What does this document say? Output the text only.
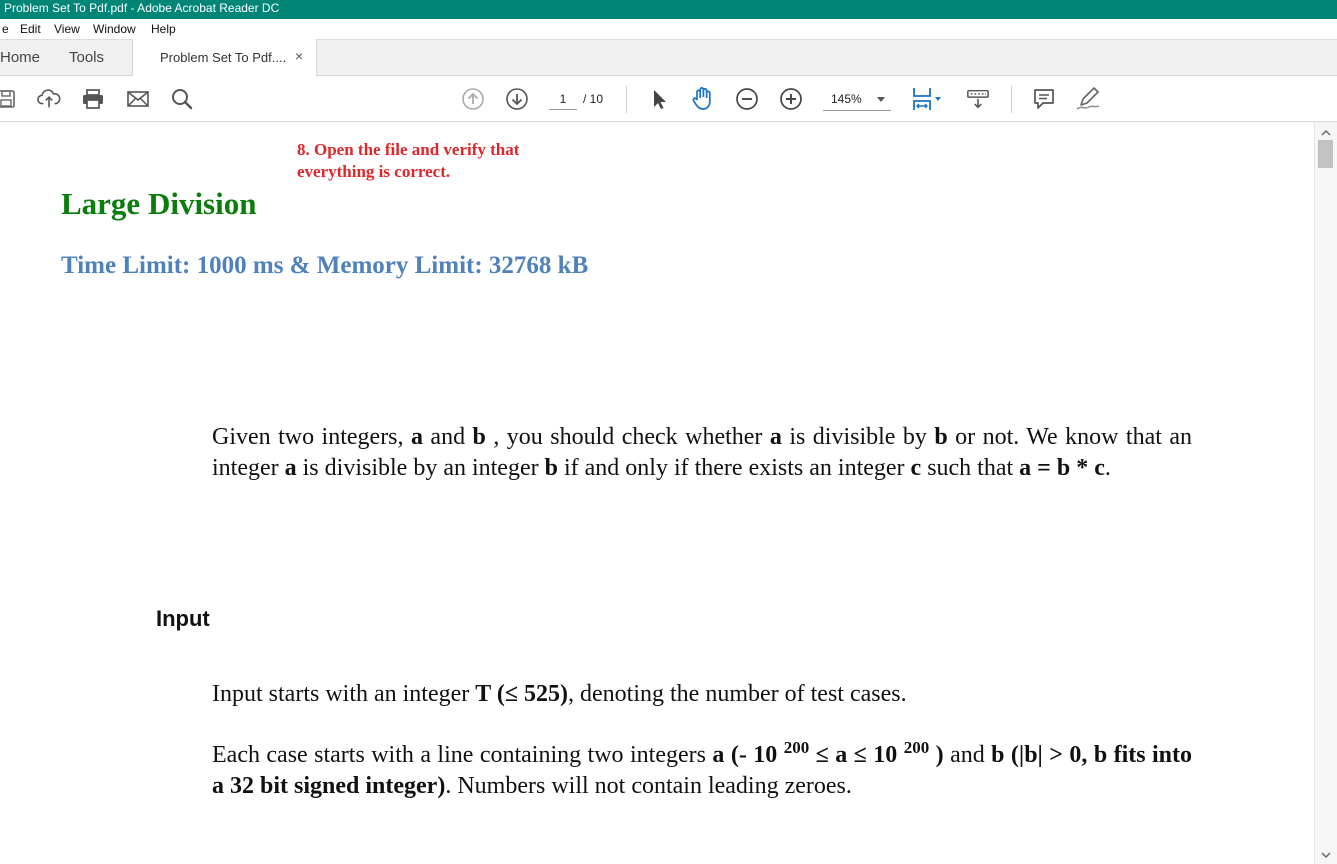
Problem Set To Pdf.pdf - Adobe Acrobat Reader DC
e Edit View Window Help
Home Tools	Problem Set To Pdf.... ×
1	/ 10	145%
8. Open the file and verify that everything is correct.
Large Division
Time Limit: 1000 ms & Memory Limit: 32768 kB
Given two integers, a and b , you should check whether a is divisible by b or not. We know that an integer a is divisible by an integer b if and only if there exists an integer c such that a = b * c.
Input
Input starts with an integer T (≤ 525), denoting the number of test cases.
Each case starts with a line containing two integers a (- 10 $^{200}$ ≤ a ≤ 10 $^{200}$ ) and b (|b| > 0, b fits into a 32 bit signed integer). Numbers will not contain leading zeroes.
